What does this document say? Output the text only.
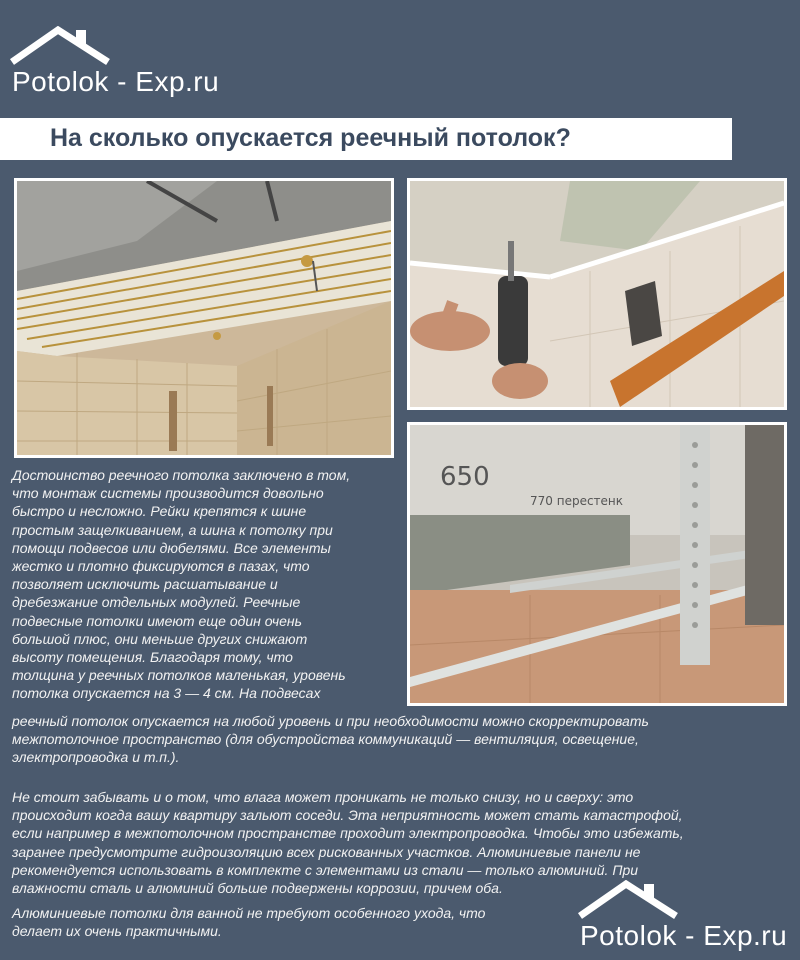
Potolok - Exp.ru
На сколько опускается реечный потолок?
650
770 перестенк
Достоинство реечного потолка заключено в том,
что монтаж системы производится довольно
быстро и несложно. Рейки крепятся к шине
простым защелкиванием, а шина к потолку при
помощи подвесов или дюбелями. Все элементы
жестко и плотно фиксируются в пазах, что
позволяет исключить расшатывание и
дребезжание отдельных модулей. Реечные
подвесные потолки имеют еще один очень
большой плюс, они меньше других снижают
высоту помещения. Благодаря тому, что
толщина у реечных потолков маленькая, уровень
потолка опускается на 3 — 4 см. На подвесах
реечный потолок опускается на любой уровень и при необходимости можно скорректировать
межпотолочное пространство (для обустройства коммуникаций — вентиляция, освещение,
электропроводка и т.п.).
Не стоит забывать и о том, что влага может проникать не только снизу, но и сверху: это
происходит когда вашу квартиру зальют соседи. Эта неприятность может стать катастрофой,
если например в межпотолочном пространстве проходит электропроводка. Чтобы это избежать,
заранее предусмотрите гидроизоляцию всех рискованных участков. Алюминиевые панели не
рекомендуется использовать в комплекте с элементами из стали — только алюминий. При
влажности сталь и алюминий больше подвержены коррозии, причем оба.
Алюминиевые потолки для ванной не требуют особенного ухода, что
делает их очень практичными.	Potolok - Exp.ru
